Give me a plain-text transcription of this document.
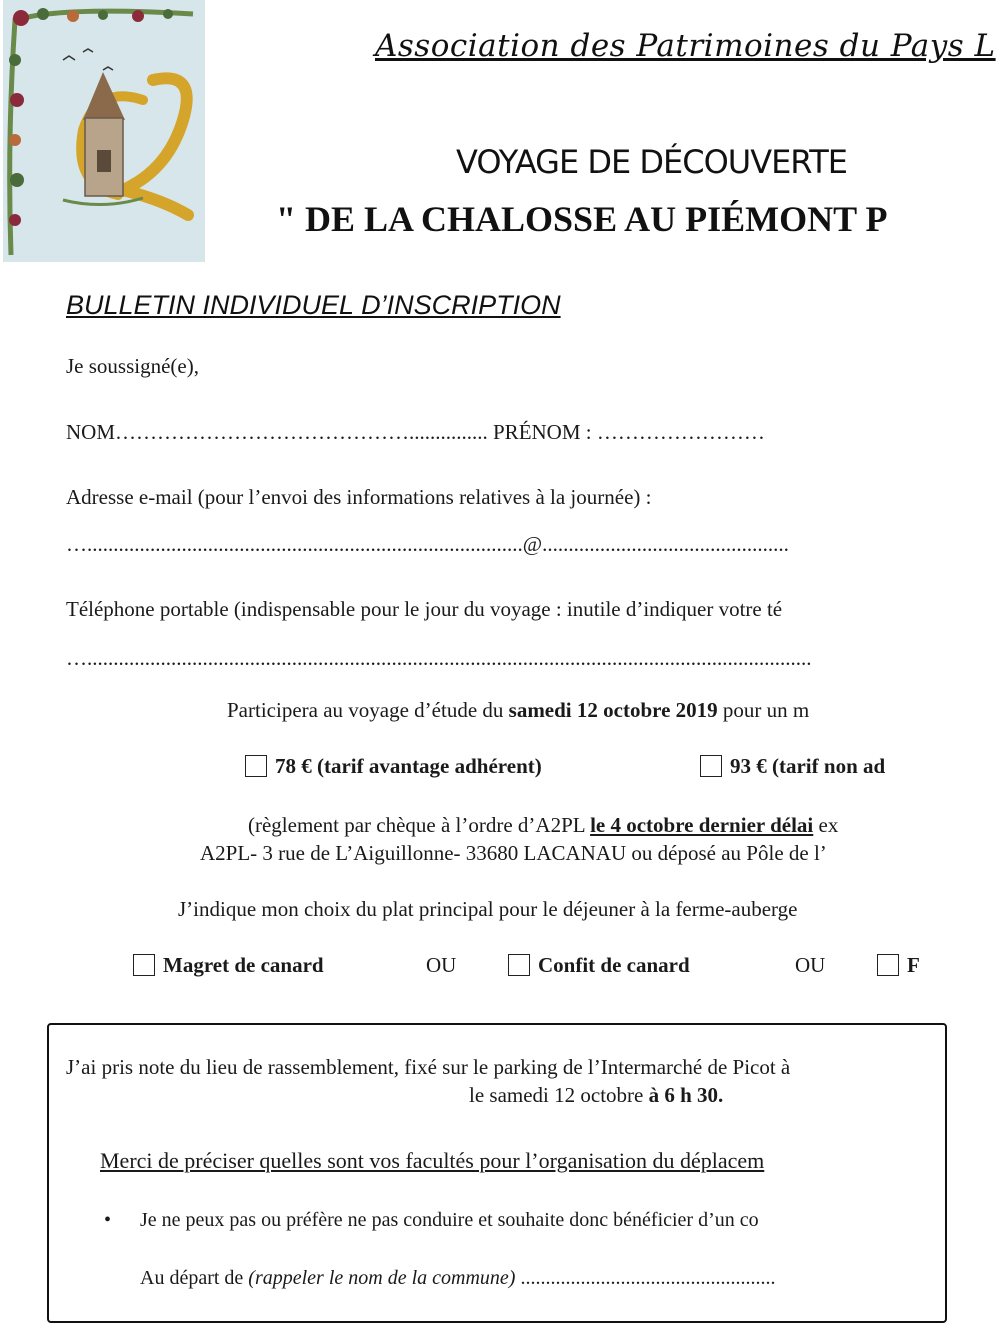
Association des Patrimoines du Pays L
VOYAGE DE DÉCOUVERTE
" DE LA CHALOSSE AU PIÉMONT P
BULLETIN INDIVIDUEL D’INSCRIPTION
Je soussigné(e),
NOM……………………………………............... PRÉNOM : ……………………
Adresse e-mail (pour l’envoi des informations relatives à la journée) :
…...................................................................................@...............................................
Téléphone portable (indispensable pour le jour du voyage : inutile d’indiquer votre té
…..........................................................................................................................................
Participera au voyage d’étude du samedi 12 octobre 2019 pour un m
78 € (tarif avantage adhérent)	93 € (tarif non ad
(règlement par chèque à l’ordre d’A2PL le 4 octobre dernier délai ex
A2PL- 3 rue de L’Aiguillonne- 33680 LACANAU ou déposé au Pôle de l’
J’indique mon choix du plat principal pour le déjeuner à la ferme-auberge
Magret de canard	OU	Confit de canard	OU	F
J’ai pris note du lieu de rassemblement, fixé sur le parking de l’Intermarché de Picot à
le samedi 12 octobre à 6 h 30.
Merci de préciser quelles sont vos facultés pour l’organisation du déplacem
• Je ne peux pas ou préfère ne pas conduire et souhaite donc bénéficier d’un co
Au départ de (rappeler le nom de la commune) ...................................................
